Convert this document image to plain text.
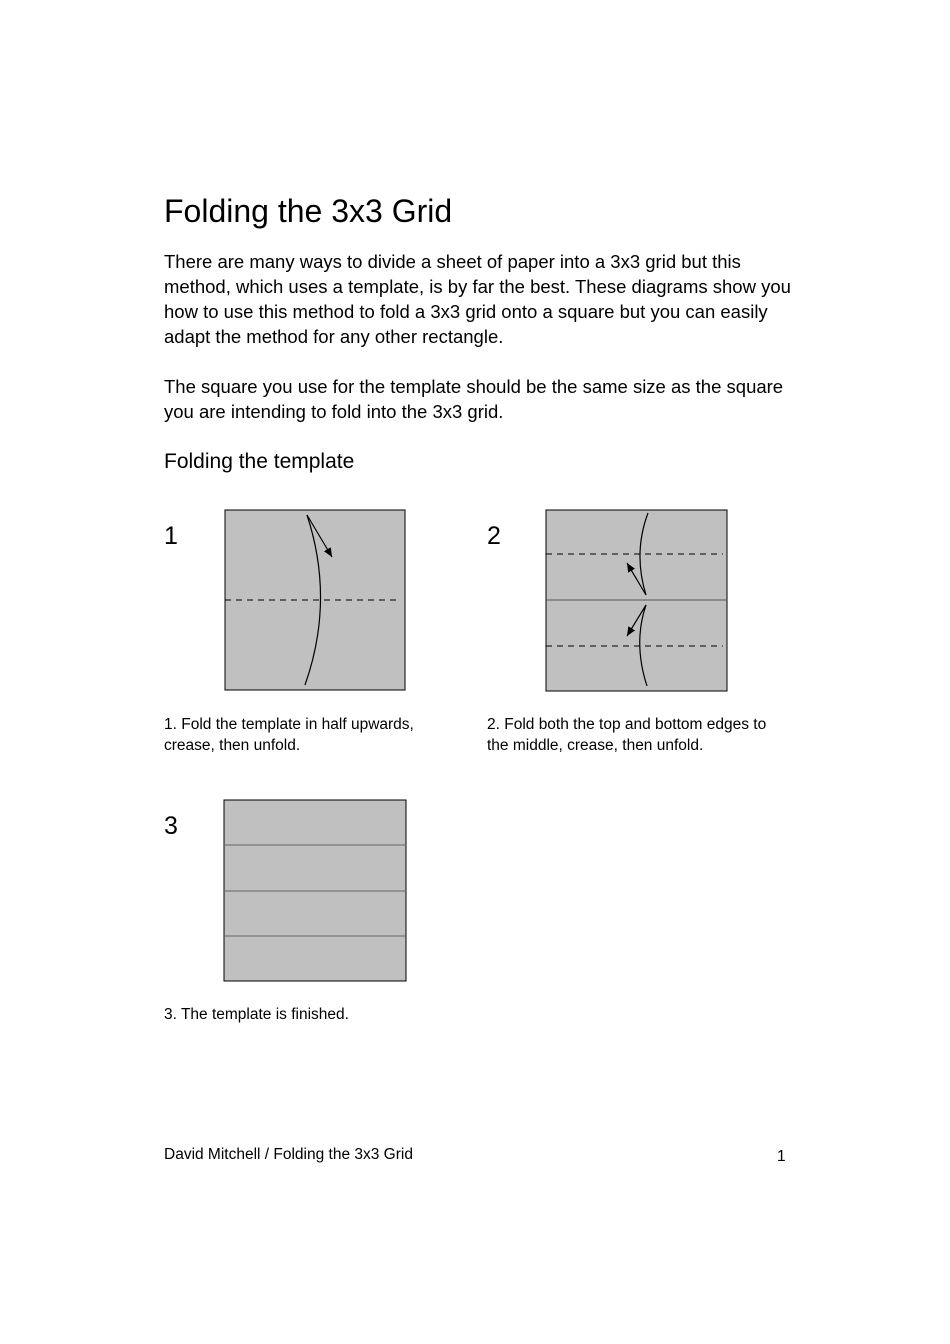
Folding the 3x3 Grid

There are many ways to divide a sheet of paper into a 3x3 grid but this method, which uses a template, is by far the best. These diagrams show you how to use this method to fold a 3x3 grid onto a square but you can easily adapt the method for any other rectangle.

The square you use for the template should be the same size as the square you are intending to fold into the 3x3 grid.

Folding the template
1
1. Fold the template in half upwards, crease, then unfold.
2
2. Fold both the top and bottom edges to the middle, crease, then unfold.
3
3. The template is finished.
David Mitchell / Folding the 3x3 Grid	1
